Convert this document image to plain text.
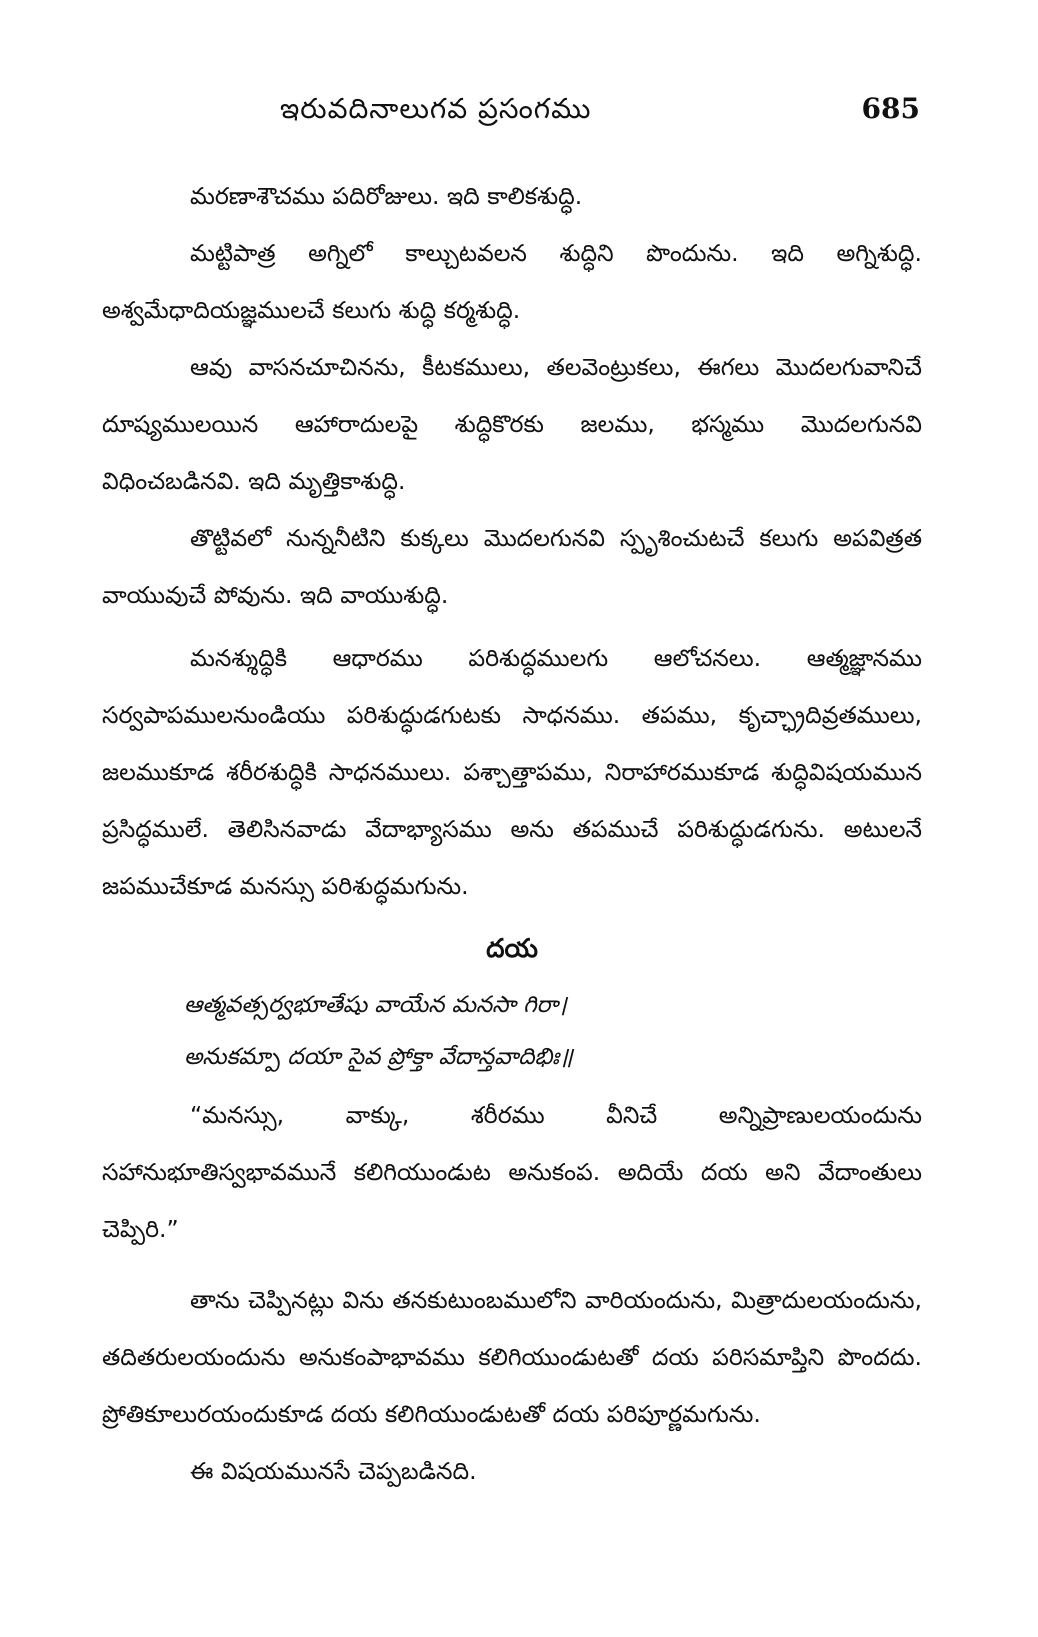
ఇరువదినాలుగవ ప్రసంగము	685

మరణాశౌచము పదిరోజులు. ఇది కాలికశుద్ధి.

మట్టిపాత్ర అగ్నిలో కాల్చుటవలన శుద్ధిని పొందును. ఇది అగ్నిశుద్ధి. అశ్వమేధాదియజ్ఞములచే కలుగు శుద్ధి కర్మశుద్ధి.

ఆవు వాసనచూచినను, కీటకములు, తలవెంట్రుకలు, ఈగలు మొదలగువానిచే దూష్యములయిన ఆహారాదులపై శుద్ధికొరకు జలము, భస్మము మొదలగునవి విధించబడినవి. ఇది మృత్తికాశుద్ధి.

తొట్టివలో నున్ననీటిని కుక్కలు మొదలగునవి స్పృశించుటచే కలుగు అపవిత్రత వాయువుచే పోవును. ఇది వాయుశుద్ధి.

మనశ్శుద్ధికి ఆధారము పరిశుద్ధములగు ఆలోచనలు. ఆత్మజ్ఞానము సర్వపాపములనుండియు పరిశుద్ధుడగుటకు సాధనము. తపము, కృచ్ఛ్రాదివ్రతములు, జలముకూడ శరీరశుద్ధికి సాధనములు. పశ్చాత్తాపము, నిరాహారముకూడ శుద్ధివిషయమున ప్రసిద్ధములే. తెలిసినవాడు వేదాభ్యాసము అను తపముచే పరిశుద్ధుడగును. అటులనే జపముచేకూడ మనస్సు పరిశుద్ధమగును.

దయ

ఆత్మవత్సర్వభూతేషు వాయేన మనసా గిరా।

అనుకమ్పా దయా సైవ ప్రోక్తా వేదాన్తవాదిభిః॥

“మనస్సు, వాక్కు, శరీరము వీనిచే అన్నిప్రాణులయందును సహానుభూతిస్వభావమునే కలిగియుండుట అనుకంప. అదియే దయ అని వేదాంతులు చెప్పిరి.”

తాను చెప్పినట్లు విను తనకుటుంబములోని వారియందును, మిత్రాదులయందును, తదితరులయందును అనుకంపాభావము కలిగియుండుటతో దయ పరిసమాప్తిని పొందదు. ప్రోతికూలురయందుకూడ దయ కలిగియుండుటతో దయ పరిపూర్ణమగును.

ఈ విషయమునసే చెప్పబడినది.
